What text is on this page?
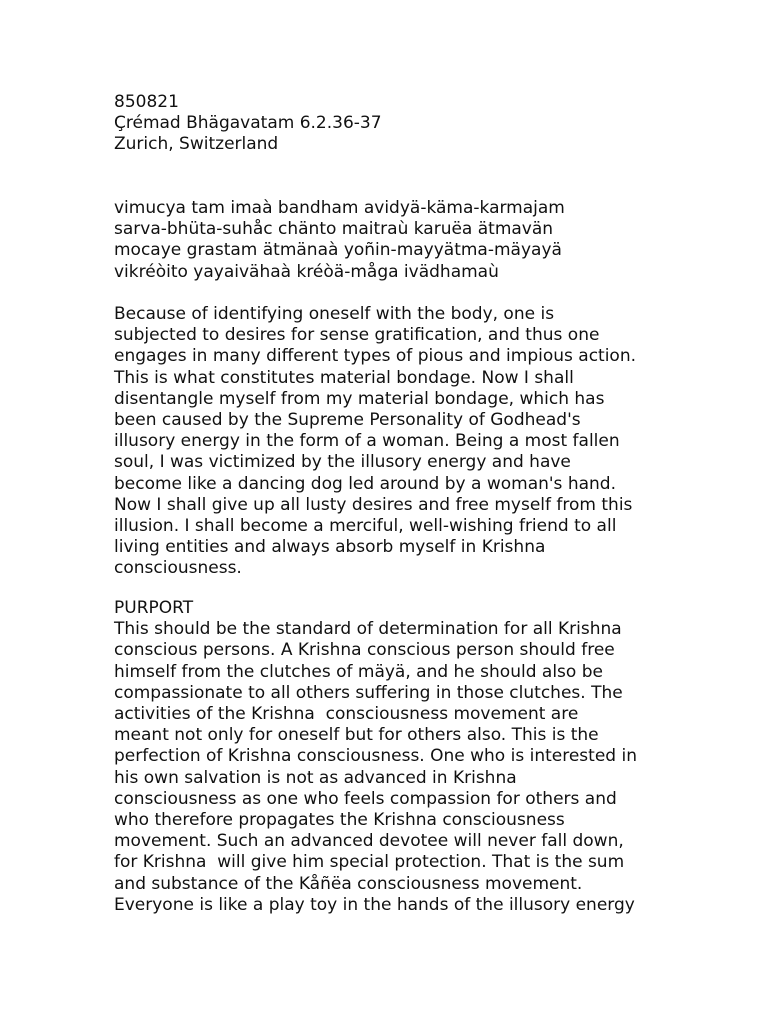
850821
Çrémad Bhägavatam 6.2.36-37
Zurich, Switzerland
vimucya tam imaà bandham avidyä-käma-karmajam
sarva-bhüta-suhåc chänto maitraù karuëa ätmavän
mocaye grastam ätmänaà yoñin-mayyätma-mäyayä
vikréòito yayaivähaà kréòä-måga ivädhamaù
Because of identifying oneself with the body, one is
subjected to desires for sense gratification, and thus one
engages in many different types of pious and impious action.
This is what constitutes material bondage. Now I shall
disentangle myself from my material bondage, which has
been caused by the Supreme Personality of Godhead's
illusory energy in the form of a woman. Being a most fallen
soul, I was victimized by the illusory energy and have
become like a dancing dog led around by a woman's hand.
Now I shall give up all lusty desires and free myself from this
illusion. I shall become a merciful, well-wishing friend to all
living entities and always absorb myself in Krishna
consciousness.
PURPORT
This should be the standard of determination for all Krishna
conscious persons. A Krishna conscious person should free
himself from the clutches of mäyä, and he should also be
compassionate to all others suffering in those clutches. The
activities of the Krishna  consciousness movement are
meant not only for oneself but for others also. This is the
perfection of Krishna consciousness. One who is interested in
his own salvation is not as advanced in Krishna
consciousness as one who feels compassion for others and
who therefore propagates the Krishna consciousness
movement. Such an advanced devotee will never fall down,
for Krishna  will give him special protection. That is the sum
and substance of the Kåñëa consciousness movement.
Everyone is like a play toy in the hands of the illusory energy
